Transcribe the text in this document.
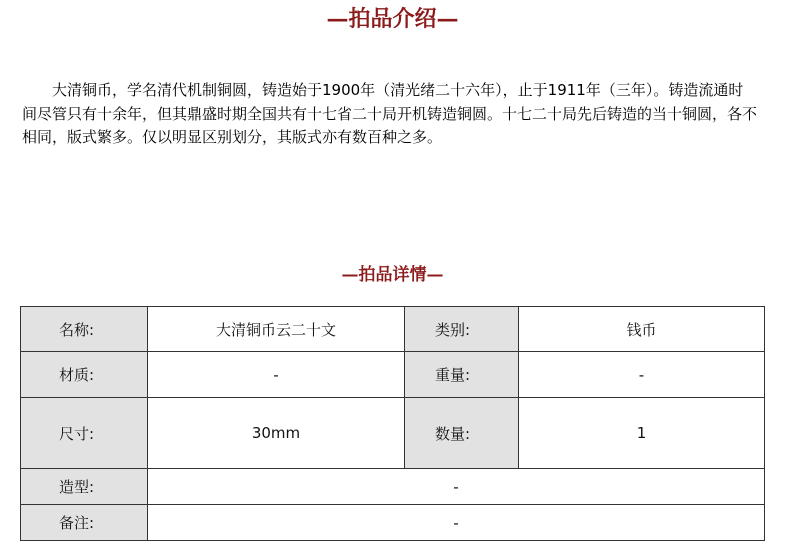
—拍品介绍—

大清铜币，学名清代机制铜圆，铸造始于1900年（清光绪二十六年），止于1911年（三年）。铸造流通时间尽管只有十余年，但其鼎盛时期全国共有十七省二十局开机铸造铜圆。十七二十局先后铸造的当十铜圆，各不相同，版式繁多。仅以明显区别划分，其版式亦有数百种之多。

—拍品详情—
名称:	大清铜币云二十文	类别:	钱币
材质:	-	重量:	-
尺寸:	30mm	数量:	1
造型:	-		
备注:	-		
